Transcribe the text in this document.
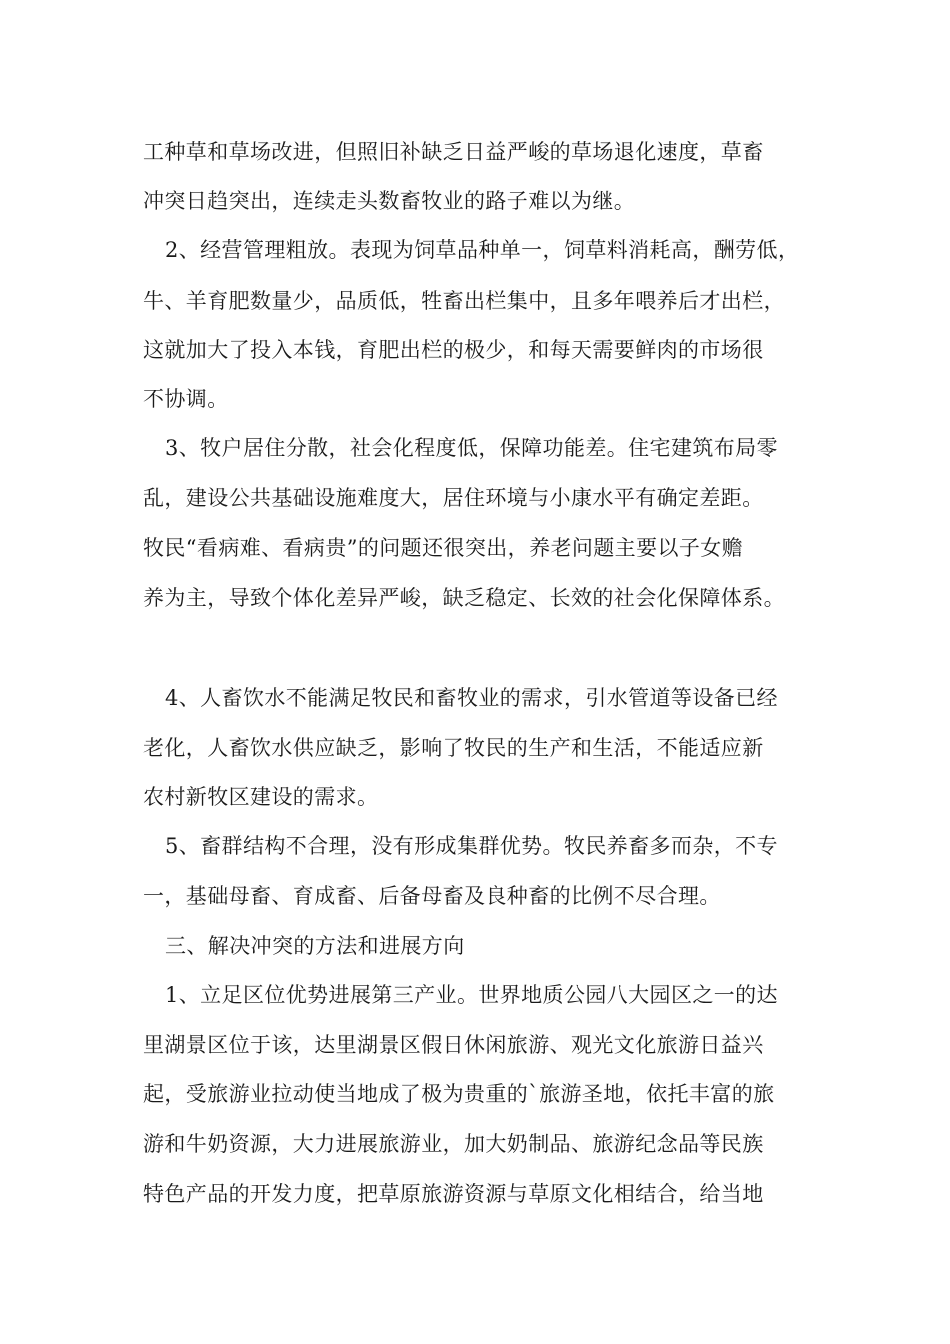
工种草和草场改进，但照旧补缺乏日益严峻的草场退化速度，草畜
冲突日趋突出，连续走头数畜牧业的路子难以为继。
2、经营管理粗放。表现为饲草品种单一，饲草料消耗高，酬劳低，
牛、羊育肥数量少，品质低，牲畜出栏集中，且多年喂养后才出栏，
这就加大了投入本钱，育肥出栏的极少，和每天需要鲜肉的市场很
不协调。
3、牧户居住分散，社会化程度低，保障功能差。住宅建筑布局零
乱，建设公共基础设施难度大，居住环境与小康水平有确定差距。
牧民“看病难、看病贵”的问题还很突出，养老问题主要以子女赡
养为主，导致个体化差异严峻，缺乏稳定、长效的社会化保障体系。
4、人畜饮水不能满足牧民和畜牧业的需求，引水管道等设备已经
老化，人畜饮水供应缺乏，影响了牧民的生产和生活，不能适应新
农村新牧区建设的需求。
5、畜群结构不合理，没有形成集群优势。牧民养畜多而杂，不专
一，基础母畜、育成畜、后备母畜及良种畜的比例不尽合理。
三、解决冲突的方法和进展方向
1、立足区位优势进展第三产业。世界地质公园八大园区之一的达
里湖景区位于该，达里湖景区假日休闲旅游、观光文化旅游日益兴
起，受旅游业拉动使当地成了极为贵重的`旅游圣地，依托丰富的旅
游和牛奶资源，大力进展旅游业，加大奶制品、旅游纪念品等民族
特色产品的开发力度，把草原旅游资源与草原文化相结合，给当地
